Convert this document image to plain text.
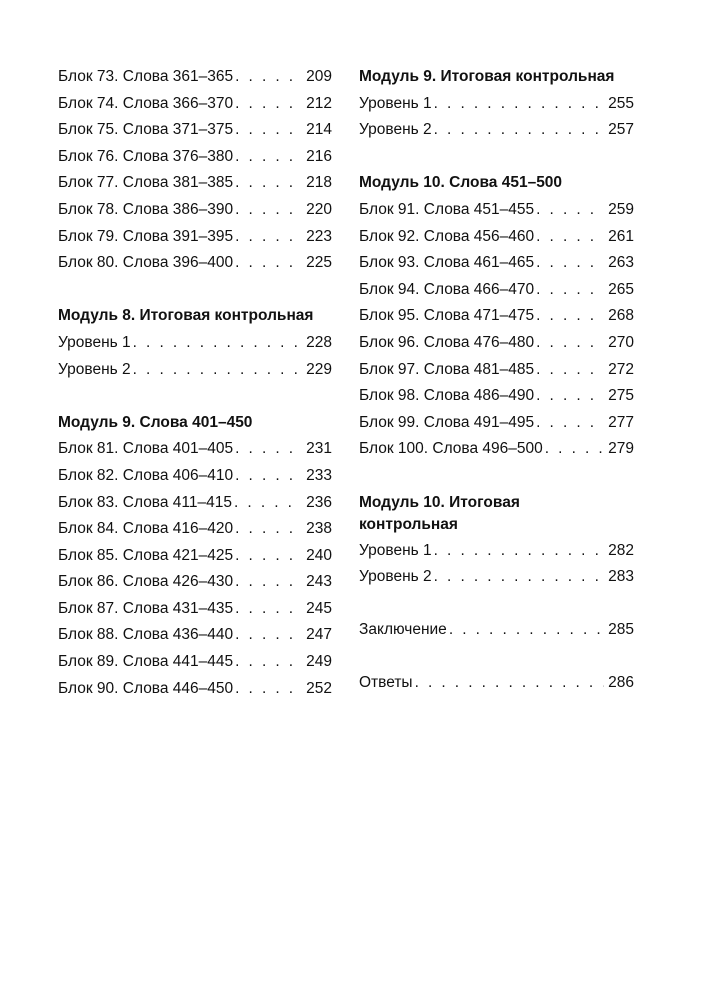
Блок 73. Слова 361–365 . . .	209
Блок 74. Слова 366–370 . . .	212
Блок 75. Слова 371–375 . . .	214
Блок 76. Слова 376–380 . . .	216
Блок 77. Слова 381–385 . . .	218
Блок 78. Слова 386–390 . . .	220
Блок 79. Слова 391–395 . . .	223
Блок 80. Слова 396–400 . . .	225
Модуль 8. Итоговая контрольная
Уровень 1 . . .	228
Уровень 2 . . .	229
Модуль 9. Слова 401–450
Блок 81. Слова 401–405 . . .	231
Блок 82. Слова 406–410 . . .	233
Блок 83. Слова 411–415 . . .	236
Блок 84. Слова 416–420 . . .	238
Блок 85. Слова 421–425 . . .	240
Блок 86. Слова 426–430 . . .	243
Блок 87. Слова 431–435 . . .	245
Блок 88. Слова 436–440 . . .	247
Блок 89. Слова 441–445 . . .	249
Блок 90. Слова 446–450 . . .	252
Модуль 9. Итоговая контрольная
Уровень 1 . . .	255
Уровень 2 . . .	257
Модуль 10. Слова 451–500
Блок 91. Слова 451–455 . . .	259
Блок 92. Слова 456–460 . . .	261
Блок 93. Слова 461–465 . . .	263
Блок 94. Слова 466–470 . . .	265
Блок 95. Слова 471–475 . . .	268
Блок 96. Слова 476–480 . . .	270
Блок 97. Слова 481–485 . . .	272
Блок 98. Слова 486–490 . . .	275
Блок 99. Слова 491–495 . . .	277
Блок 100. Слова 496–500 . . .	279
Модуль 10. Итоговая контрольная
Уровень 1 . . .	282
Уровень 2 . . .	283
Заключение . . .	285
Ответы . . .	286
